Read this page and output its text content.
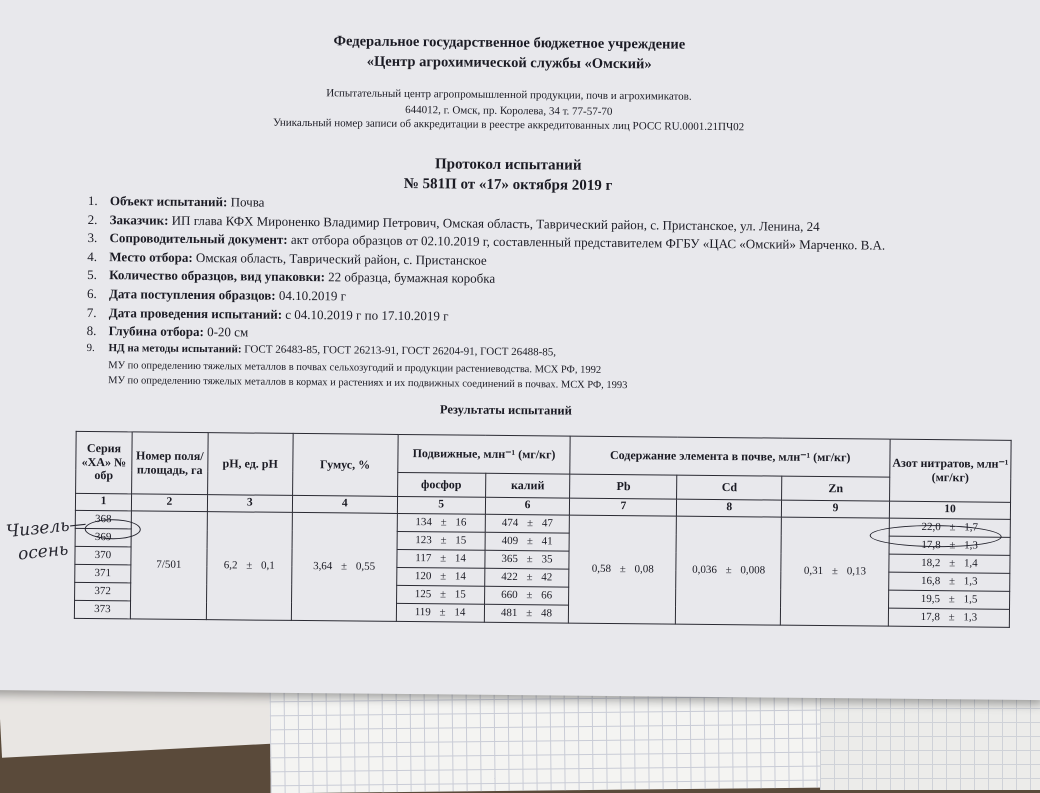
Федеральное государственное бюджетное учреждение
«Центр агрохимической службы «Омский»
Испытательный центр агропромышленной продукции, почв и агрохимикатов.
644012, г. Омск, пр. Королева, 34 т. 77-57-70
Уникальный номер записи об аккредитации в реестре аккредитованных лиц РОСС RU.0001.21ПЧ02
Протокол испытаний
№ 581П от «17» октября 2019 г
1. Объект испытаний: Почва
2. Заказчик: ИП глава КФХ Мироненко Владимир Петрович, Омская область, Таврический район, с. Пристанское, ул. Ленина, 24
3. Сопроводительный документ: акт отбора образцов от 02.10.2019 г, составленный представителем ФГБУ «ЦАС «Омский» Марченко. В.А.
4. Место отбора: Омская область, Таврический район, с. Пристанское
5. Количество образцов, вид упаковки: 22 образца, бумажная коробка
6. Дата поступления образцов: 04.10.2019 г
7. Дата проведения испытаний: с 04.10.2019 г по 17.10.2019 г
8. Глубина отбора: 0-20 см
9.	НД на методы испытаний: ГОСТ 26483-85, ГОСТ 26213-91, ГОСТ 26204-91, ГОСТ 26488-85,
МУ по определению тяжелых металлов в почвах сельхозугодий и продукции растениеводства. МСХ РФ, 1992
МУ по определению тяжелых металлов в кормах и растениях и их подвижных соединений в почвах. МСХ РФ, 1993
Результаты испытаний
Серия «ХА» № обр	Номер поля/ площадь, га	pH, ед. pH	Гумус, %	Подвижные, млн⁻¹ (мг/кг)		Содержание элемента в почве, млн⁻¹ (мг/кг)			Азот нитратов, млн⁻¹ (мг/кг)
				фосфор	калий	Pb	Cd	Zn	
1	2	3	4	5	6	7	8	9	10
368	7/501	6,2 ± 0,1	3,64 ± 0,55	134 ± 16	474 ± 47	0,58 ± 0,08	0,036 ± 0,008	0,31 ± 0,13	22,0 ± 1,7
369				123 ± 15	409 ± 41				17,8 ± 1,3
370				117 ± 14	365 ± 35				18,2 ± 1,4
371				120 ± 14	422 ± 42				16,8 ± 1,3
372				125 ± 15	660 ± 66				19,5 ± 1,5
373				119 ± 14	481 ± 48				17,8 ± 1,3
Чизель—
осень
